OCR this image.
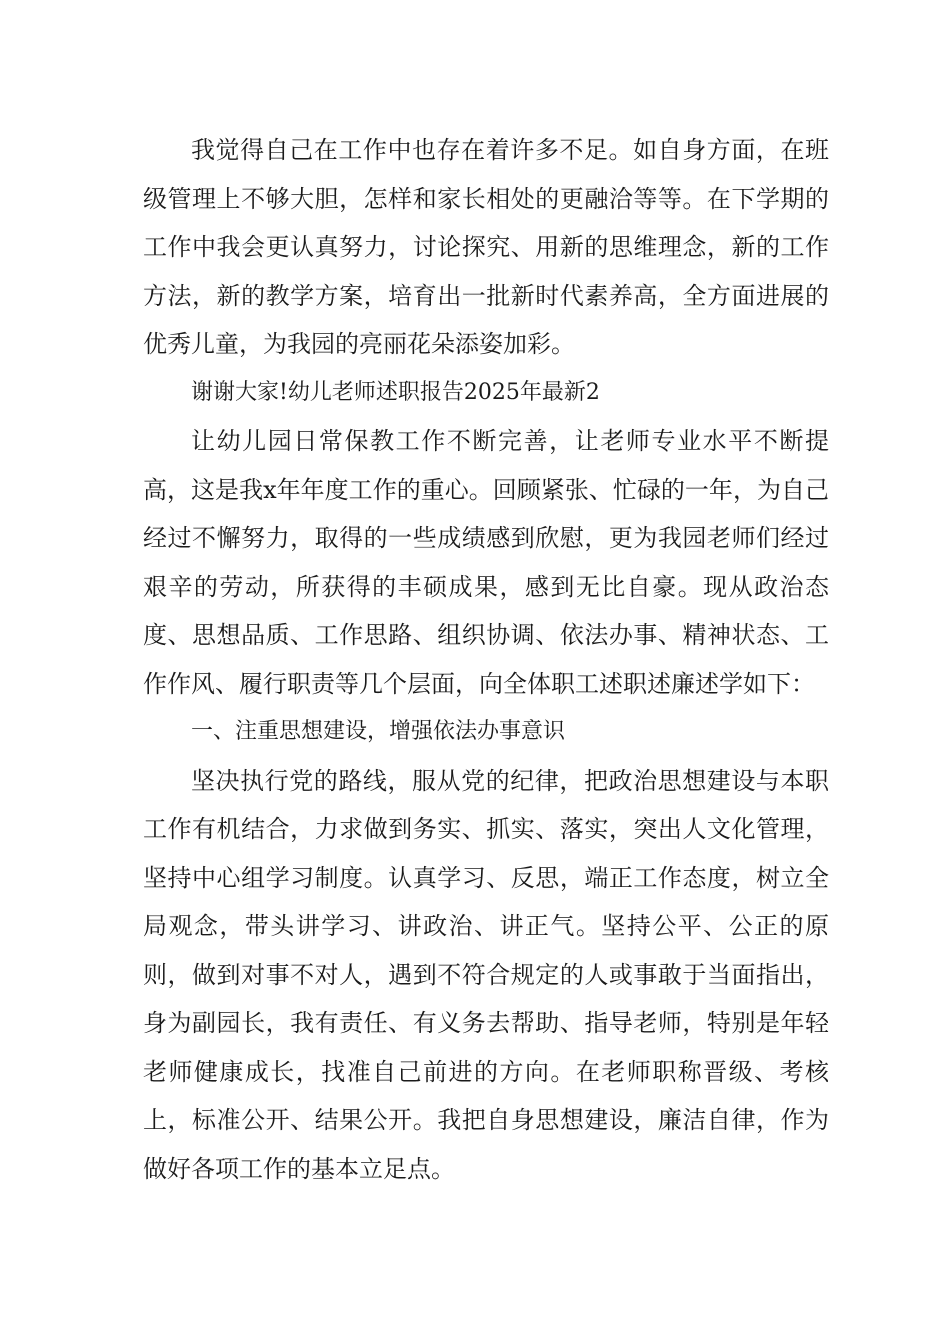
我觉得自己在工作中也存在着许多不足。如自身方面，在班级管理上不够大胆，怎样和家长相处的更融洽等等。在下学期的工作中我会更认真努力，讨论探究、用新的思维理念，新的工作方法，新的教学方案，培育出一批新时代素养高，全方面进展的优秀儿童，为我园的亮丽花朵添姿加彩。

谢谢大家!幼儿老师述职报告2025年最新2

让幼儿园日常保教工作不断完善，让老师专业水平不断提高，这是我x年年度工作的重心。回顾紧张、忙碌的一年，为自己经过不懈努力，取得的一些成绩感到欣慰，更为我园老师们经过艰辛的劳动，所获得的丰硕成果，感到无比自豪。现从政治态度、思想品质、工作思路、组织协调、依法办事、精神状态、工作作风、履行职责等几个层面，向全体职工述职述廉述学如下：

一、注重思想建设，增强依法办事意识

坚决执行党的路线，服从党的纪律，把政治思想建设与本职工作有机结合，力求做到务实、抓实、落实，突出人文化管理，坚持中心组学习制度。认真学习、反思，端正工作态度，树立全局观念，带头讲学习、讲政治、讲正气。坚持公平、公正的原则，做到对事不对人，遇到不符合规定的人或事敢于当面指出，身为副园长，我有责任、有义务去帮助、指导老师，特别是年轻老师健康成长，找准自己前进的方向。在老师职称晋级、考核上，标准公开、结果公开。我把自身思想建设，廉洁自律，作为做好各项工作的基本立足点。
